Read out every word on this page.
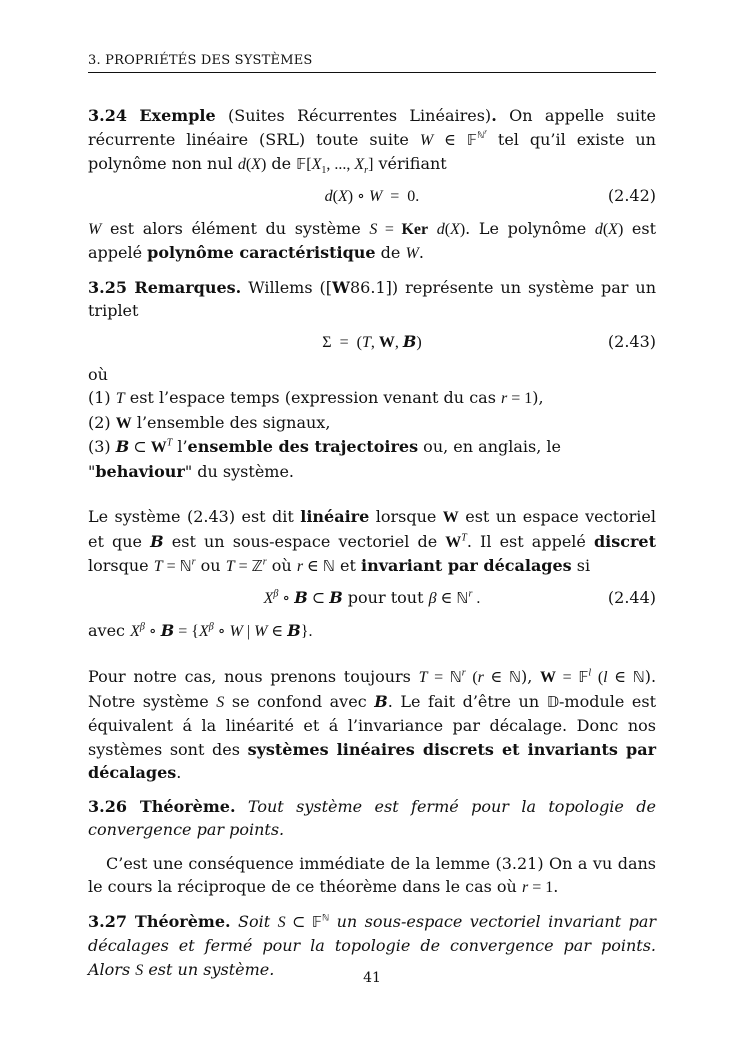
3. PROPRIÉTÉS DES SYSTÈMES

3.24 Exemple (Suites Récurrentes Linéaires). On appelle suite récurrente linéaire (SRL) toute suite W ∈ 𝔽$^{ℕ^r}$ tel qu’il existe un polynôme non nul d(X) de $𝔽[X_1$, ..., $X_r$] vérifiant

d(X) ∘ W  =  0.	(2.42)

W est alors élément du système S = Ker d(X). Le polynôme d(X) est appelé polynôme caractéristique de W.

3.25 Remarques. Willems ([W86.1]) représente un système par un triplet

Σ  =  (T, W, B)	(2.43)

où
(1) T est l’espace temps (expression venant du cas r = 1),
(2) W l’ensemble des signaux,
(3) B ⊂ $W^T$ l’ensemble des trajectoires ou, en anglais, le "behaviour" du système.

Le système (2.43) est dit linéaire lorsque W est un espace vectoriel et que B est un sous-espace vectoriel de $W^T$. Il est appelé discret lorsque T = ℕ$^r$ ou T = ℤ$^r$ où r ∈ ℕ et invariant par décalages si

$X^\beta$ ∘ B ⊂ B pour tout β ∈ ℕ$^r$ .	(2.44)

avec $X^\beta$ ∘ $B = \{X^\beta$ ∘ W | W ∈ B}.

Pour notre cas, nous prenons toujours T = ℕ$^r$ (r ∈ ℕ), W = 𝔽$^l$ (l ∈ ℕ). Notre système S se confond avec B. Le fait d’être un 𝔻-module est équivalent á la linéarité et á l’invariance par décalage. Donc nos systèmes sont des systèmes linéaires discrets et invariants par décalages.

3.26 Théorème. Tout système est fermé pour la topologie de convergence par points.

C’est une conséquence immédiate de la lemme (3.21) On a vu dans le cours la réciproque de ce théorème dans le cas où r = 1.

3.27 Théorème. Soit S ⊂ 𝔽$^ℕ$ un sous-espace vectoriel invariant par décalages et fermé pour la topologie de convergence par points. Alors S est un système.	41
